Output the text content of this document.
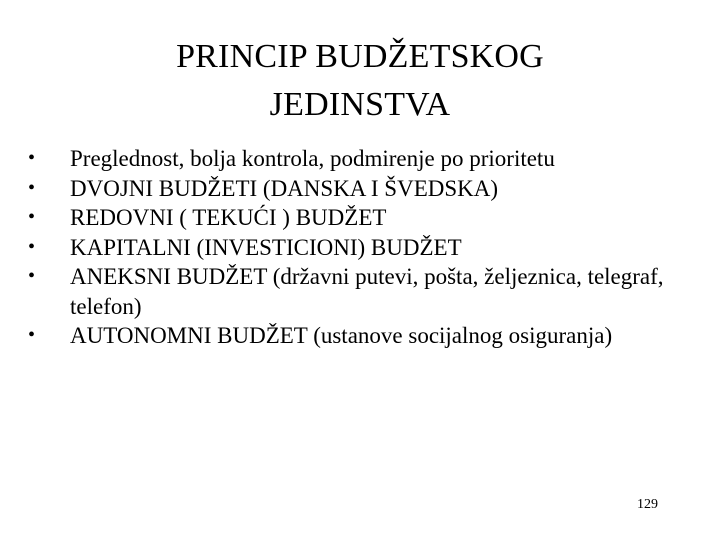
PRINCIP BUDŽETSKOG
JEDINSTVA
•	Preglednost, bolja kontrola, podmirenje po prioritetu
•	DVOJNI BUDŽETI (DANSKA I ŠVEDSKA)
•	REDOVNI ( TEKUĆI ) BUDŽET
•	KAPITALNI (INVESTICIONI) BUDŽET
•	ANEKSNI BUDŽET (državni putevi, pošta, željeznica, telegraf, telefon)
•	AUTONOMNI BUDŽET (ustanove socijalnog osiguranja)
129
